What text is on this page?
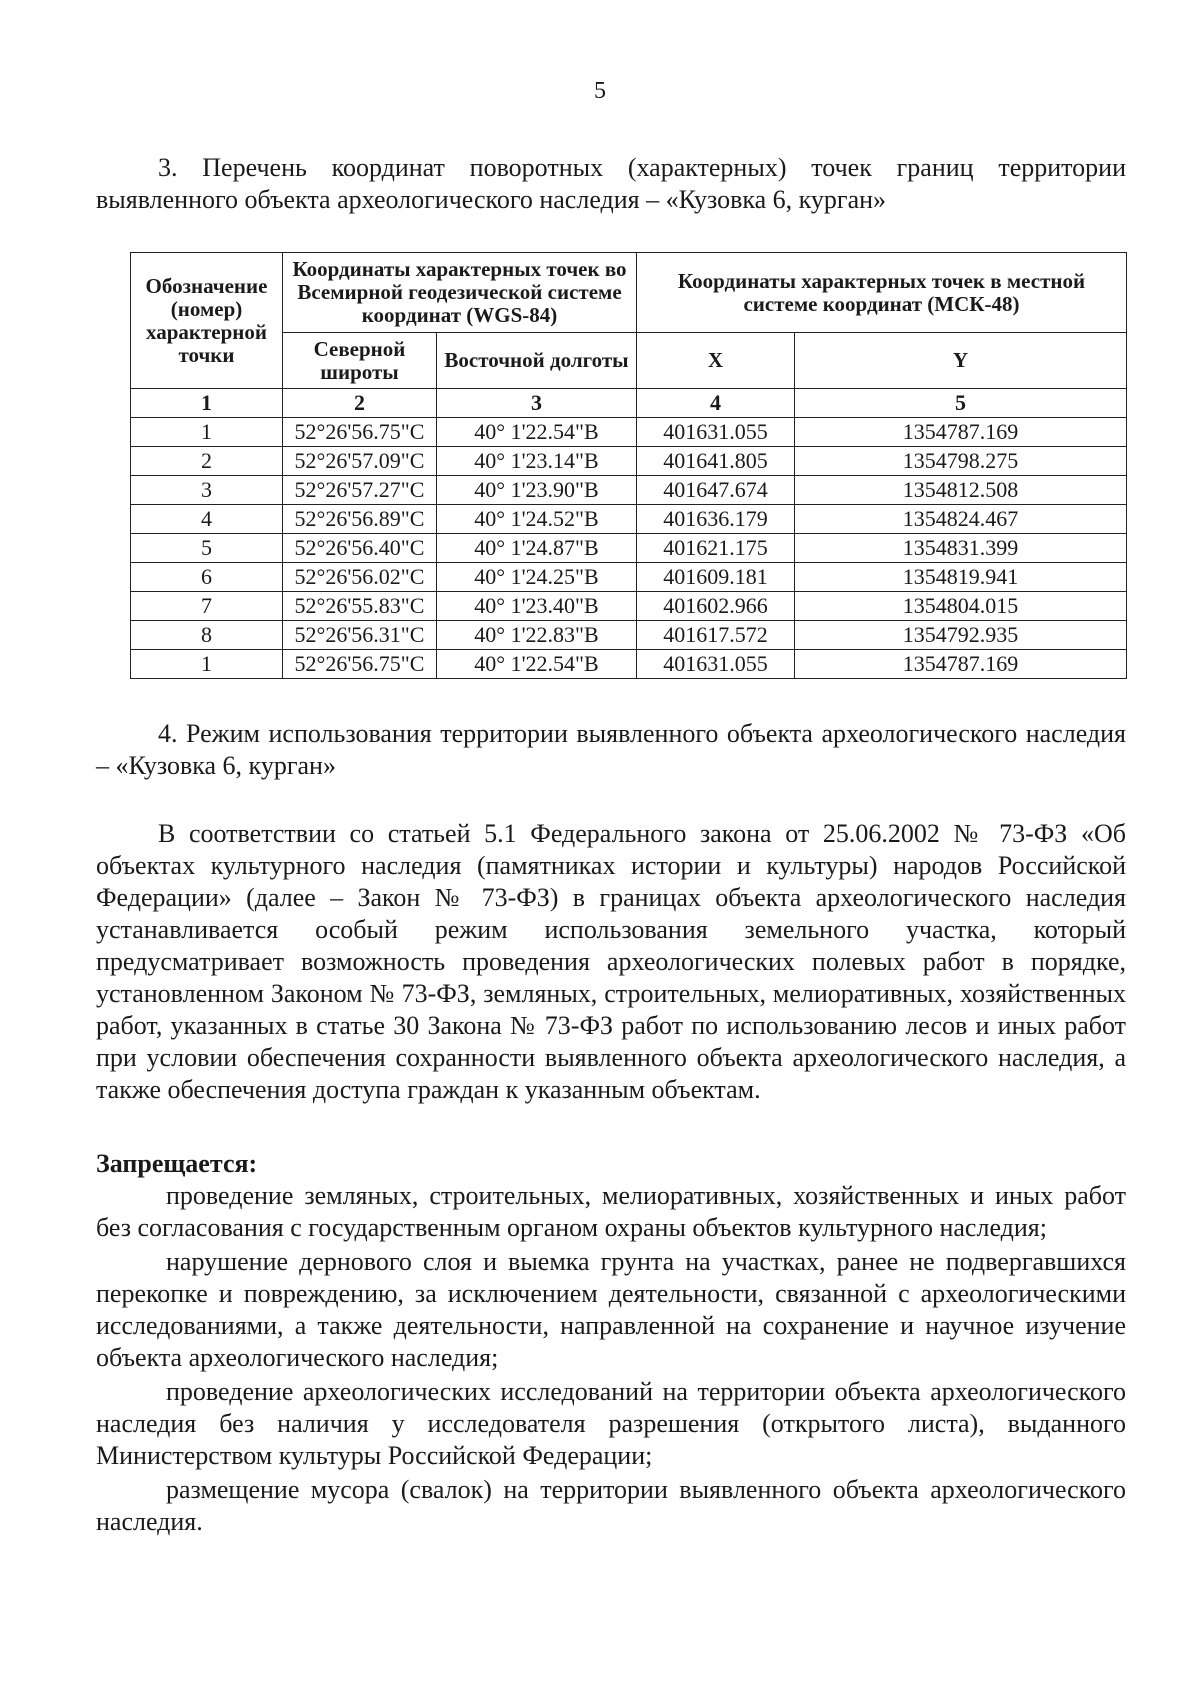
5
3. Перечень координат поворотных (характерных) точек границ территории выявленного объекта археологического наследия – «Кузовка 6, курган»
Обозначение (номер) характерной точки	Координаты характерных точек во Всемирной геодезической системе координат (WGS-84)		Координаты характерных точек в местной системе координат (МСК-48)	
	Северной широты	Восточной долготы	X	Y
1	2	3	4	5
1	52°26'56.75"С	40° 1'22.54"В	401631.055	1354787.169
2	52°26'57.09"С	40° 1'23.14"В	401641.805	1354798.275
3	52°26'57.27"С	40° 1'23.90"В	401647.674	1354812.508
4	52°26'56.89"С	40° 1'24.52"В	401636.179	1354824.467
5	52°26'56.40"С	40° 1'24.87"В	401621.175	1354831.399
6	52°26'56.02"С	40° 1'24.25"В	401609.181	1354819.941
7	52°26'55.83"С	40° 1'23.40"В	401602.966	1354804.015
8	52°26'56.31"С	40° 1'22.83"В	401617.572	1354792.935
1	52°26'56.75"С	40° 1'22.54"В	401631.055	1354787.169
4. Режим использования территории выявленного объекта археологического наследия – «Кузовка 6, курган»
В соответствии со статьей 5.1 Федерального закона от 25.06.2002 № 73-ФЗ «Об объектах культурного наследия (памятниках истории и культуры) народов Российской Федерации» (далее – Закон № 73-ФЗ) в границах объекта археологического наследия устанавливается особый режим использования земельного участка, который предусматривает возможность проведения археологических полевых работ в порядке, установленном Законом № 73-ФЗ, земляных, строительных, мелиоративных, хозяйственных работ, указанных в статье 30 Закона № 73-ФЗ работ по использованию лесов и иных работ при условии обеспечения сохранности выявленного объекта археологического наследия, а также обеспечения доступа граждан к указанным объектам.
Запрещается:
проведение земляных, строительных, мелиоративных, хозяйственных и иных работ без согласования с государственным органом охраны объектов культурного наследия;
нарушение дернового слоя и выемка грунта на участках, ранее не подвергавшихся перекопке и повреждению, за исключением деятельности, связанной с археологическими исследованиями, а также деятельности, направленной на сохранение и научное изучение объекта археологического наследия;
проведение археологических исследований на территории объекта археологического наследия без наличия у исследователя разрешения (открытого листа), выданного Министерством культуры Российской Федерации;
размещение мусора (свалок) на территории выявленного объекта археологического наследия.
